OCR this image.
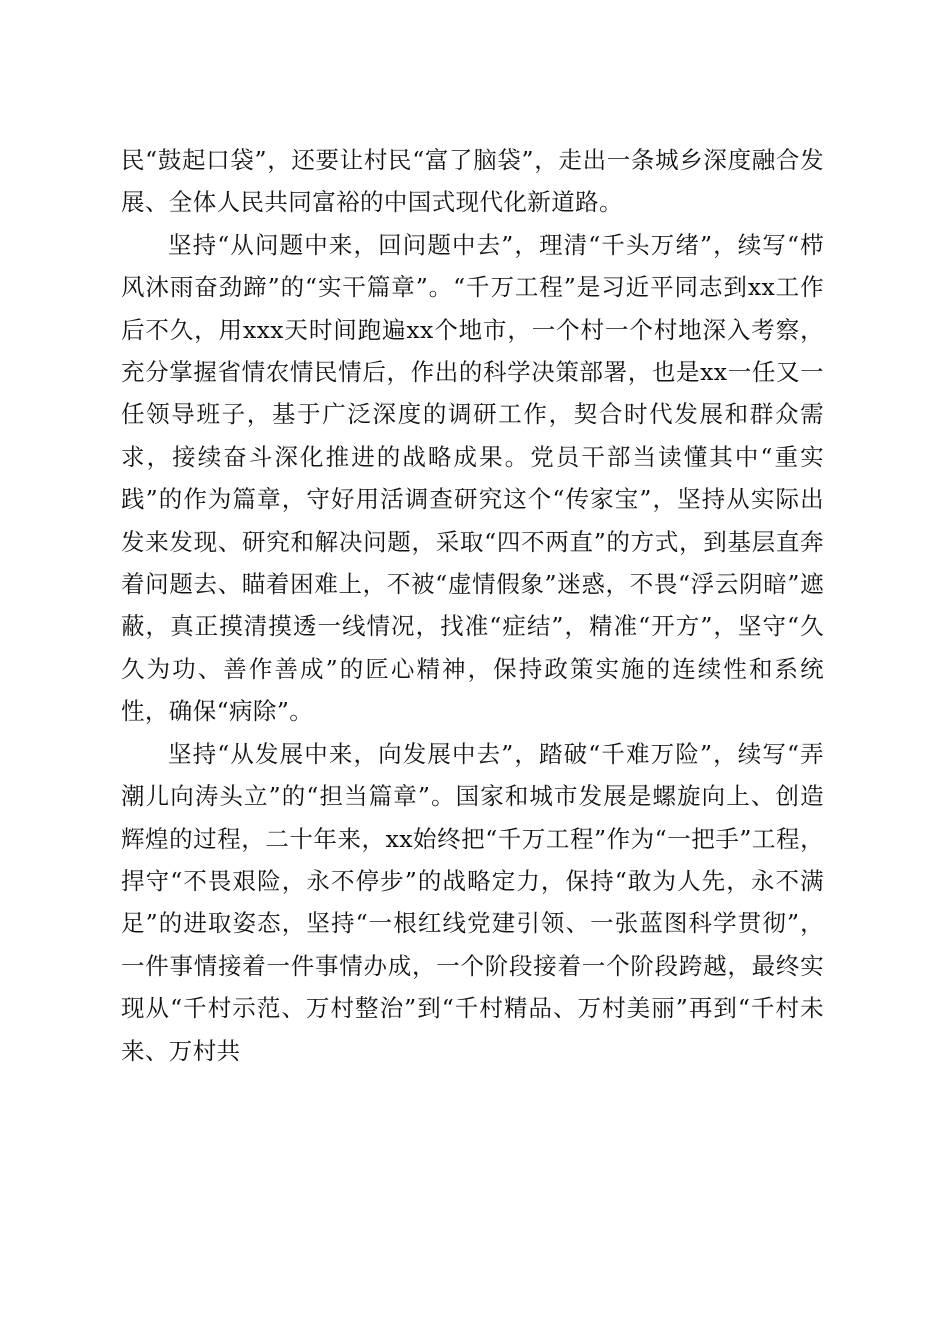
民“鼓起口袋”，还要让村民“富了脑袋”，走出一条城乡深度融合发展、全体人民共同富裕的中国式现代化新道路。

坚持“从问题中来，回问题中去”，理清“千头万绪”，续写“栉风沐雨奋劲蹄”的“实干篇章”。“千万工程”是习近平同志到xx工作后不久，用xxx天时间跑遍xx个地市，一个村一个村地深入考察，充分掌握省情农情民情后，作出的科学决策部署，也是xx一任又一任领导班子，基于广泛深度的调研工作，契合时代发展和群众需求，接续奋斗深化推进的战略成果。党员干部当读懂其中“重实践”的作为篇章，守好用活调查研究这个“传家宝”，坚持从实际出发来发现、研究和解决问题，采取“四不两直”的方式，到基层直奔着问题去、瞄着困难上，不被“虚情假象”迷惑，不畏“浮云阴暗”遮蔽，真正摸清摸透一线情况，找准“症结”，精准“开方”，坚守“久久为功、善作善成”的匠心精神，保持政策实施的连续性和系统性，确保“病除”。

坚持“从发展中来，向发展中去”，踏破“千难万险”，续写“弄潮儿向涛头立”的“担当篇章”。国家和城市发展是螺旋向上、创造辉煌的过程，二十年来，xx始终把“千万工程”作为“一把手”工程，捍守“不畏艰险，永不停步”的战略定力，保持“敢为人先，永不满足”的进取姿态，坚持“一根红线党建引领、一张蓝图科学贯彻”，一件事情接着一件事情办成，一个阶段接着一个阶段跨越，最终实现从“千村示范、万村整治”到“千村精品、万村美丽”再到“千村未来、万村共
